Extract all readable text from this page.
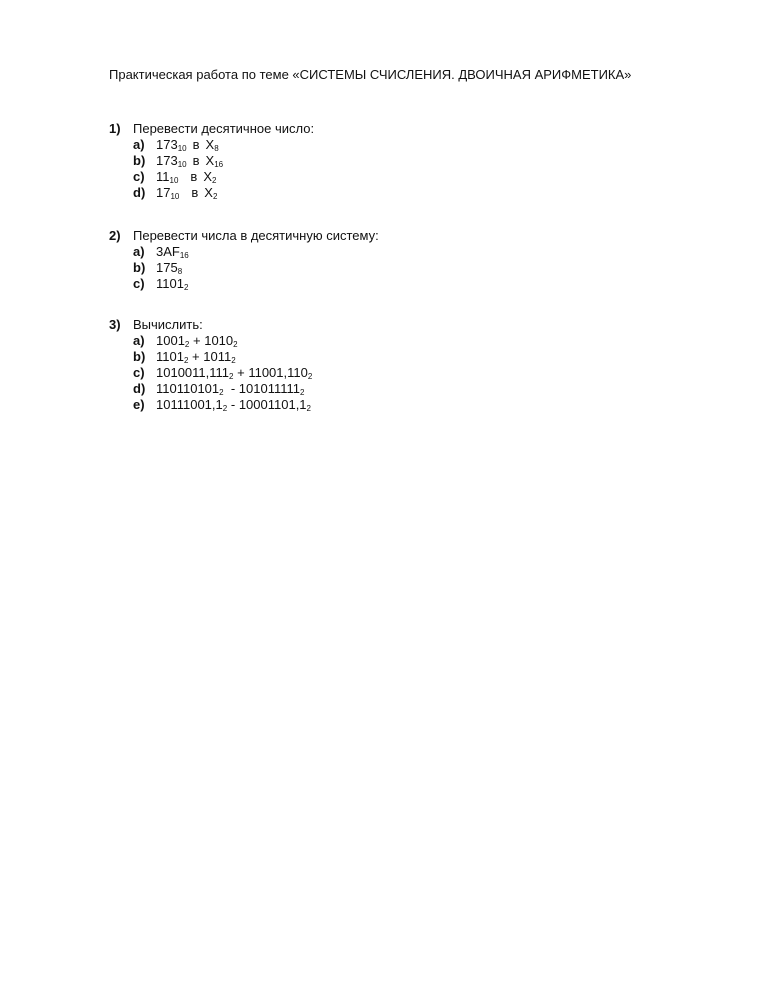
Практическая работа по теме «СИСТЕМЫ СЧИСЛЕНИЯ. ДВОИЧНАЯ АРИФМЕТИКА»
1) Перевести десятичное число:
a) $173_{10}$ в $X_8$
b) $173_{10}$ в $X_{16}$
c) $11_{10}$ в $X_2$
d) $17_{10}$ в $X_2$
2) Перевести числа в десятичную систему:
a) $3AF_{16}$
b) $175_8$
c) $1101_2$
3) Вычислить:
a) $1001_2 + 1010_2$
b) $1101_2 + 1011_2$
c) $1010011,111_2 + 11001,110_2$
d) $110110101_2 - 101011111_2$
e) $10111001,1_2 - 10001101,1_2$
